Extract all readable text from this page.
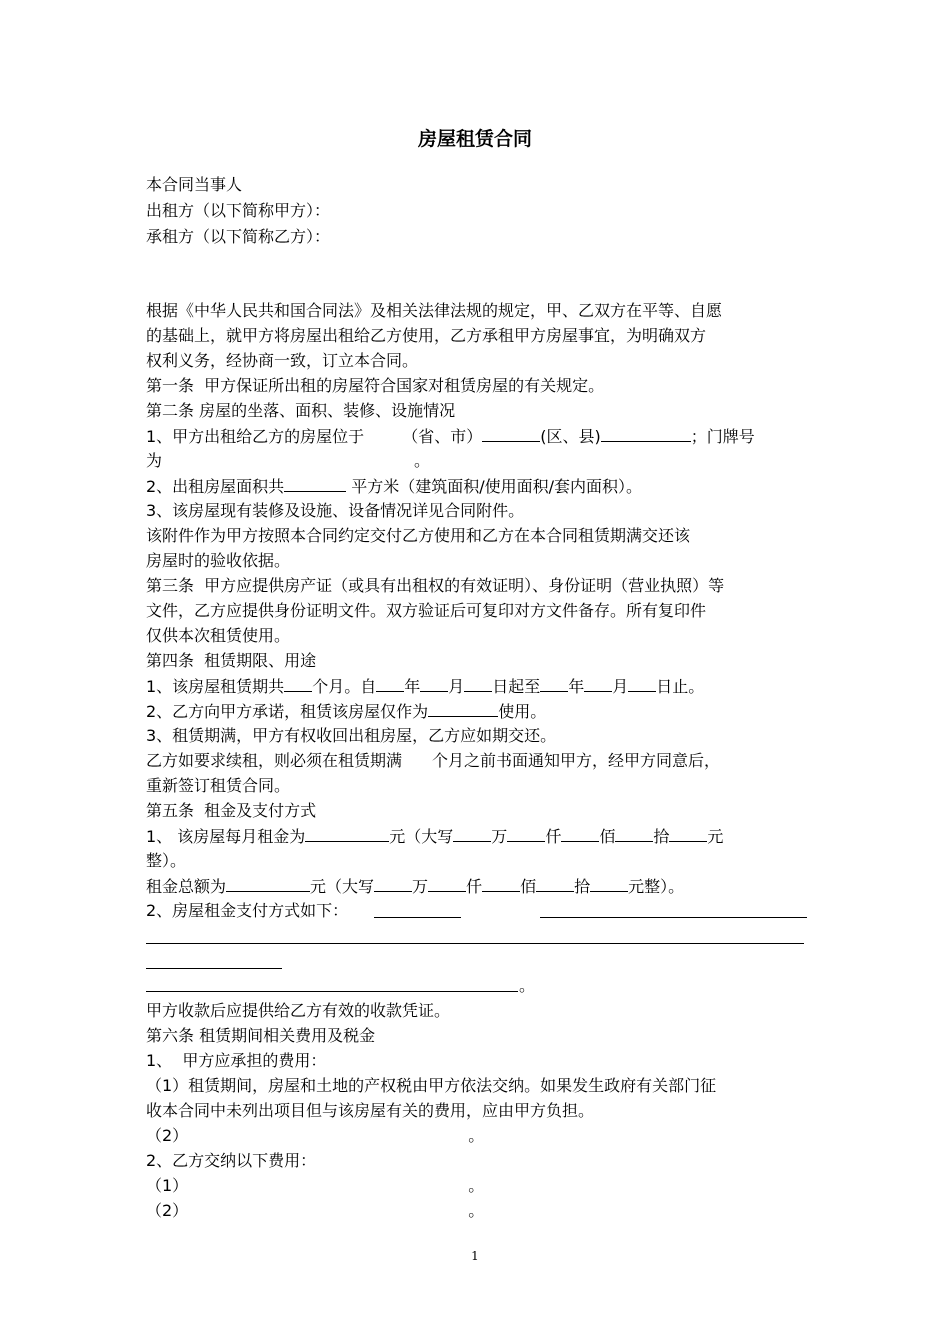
房屋租赁合同
本合同当事人
出租方（以下简称甲方）：
承租方（以下简称乙方）：
根据《中华人民共和国合同法》及相关法律法规的规定，甲、乙双方在平等、自愿
的基础上，就甲方将房屋出租给乙方使用，乙方承租甲方房屋事宜，为明确双方
权利义务，经协商一致，订立本合同。
第一条  甲方保证所出租的房屋符合国家对租赁房屋的有关规定。
第二条 房屋的坐落、面积、装修、设施情况
1、甲方出租给乙方的房屋位于 （省、市）	(区、县)	；门牌号
为	。
2、出租房屋面积共	平方米（建筑面积/使用面积/套内面积）。
3、该房屋现有装修及设施、设备情况详见合同附件。
该附件作为甲方按照本合同约定交付乙方使用和乙方在本合同租赁期满交还该
房屋时的验收依据。
第三条  甲方应提供房产证（或具有出租权的有效证明）、身份证明（营业执照）等
文件，乙方应提供身份证明文件。双方验证后可复印对方文件备存。所有复印件
仅供本次租赁使用。
第四条  租赁期限、用途
1、该房屋租赁期共 个月。自 年 月 日起至 年 月 日止。
2、乙方向甲方承诺，租赁该房屋仅作为	使用。
3、租赁期满，甲方有权收回出租房屋，乙方应如期交还。
乙方如要求续租，则必须在租赁期满 个月之前书面通知甲方，经甲方同意后，
重新签订租赁合同。
第五条  租金及支付方式
1、 该房屋每月租金为	元（大写 万 仟 佰 拾 元
整）。
租金总额为	元（大写 万 仟 佰 拾 元整）。
2、房屋租金支付方式如下：
。
甲方收款后应提供给乙方有效的收款凭证。
第六条 租赁期间相关费用及税金
1、  甲方应承担的费用：
（1）租赁期间，房屋和土地的产权税由甲方依法交纳。如果发生政府有关部门征
收本合同中未列出项目但与该房屋有关的费用，应由甲方负担。
（2）	。
2、乙方交纳以下费用：
（1）	。
（2）	。
1
